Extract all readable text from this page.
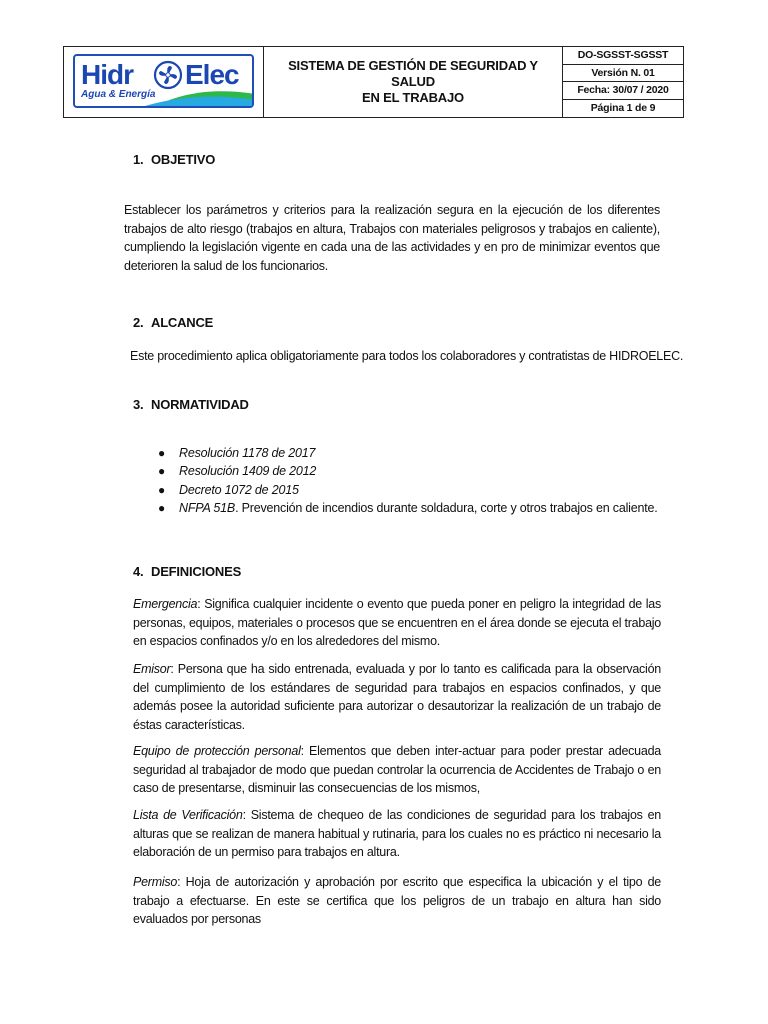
Hidr Elec
Agua & Energía
SISTEMA DE GESTIÓN DE SEGURIDAD Y SALUD
EN EL TRABAJO
DO-SGSST-SGSST
Versión N. 01
Fecha: 30/07 / 2020
Página 1 de 9
1. OBJETIVO
Establecer los parámetros y criterios para la realización segura en la ejecución de los diferentes trabajos de alto riesgo (trabajos en altura, Trabajos con materiales peligrosos y trabajos en caliente), cumpliendo la legislación vigente en cada una de las actividades y en pro de minimizar eventos que deterioren la salud de los funcionarios.
2. ALCANCE
Este procedimiento aplica obligatoriamente para todos los colaboradores y contratistas de HIDROELEC.
3. NORMATIVIDAD
● Resolución 1178 de 2017
● Resolución 1409 de 2012
● Decreto 1072 de 2015
● NFPA 51B. Prevención de incendios durante soldadura, corte y otros trabajos en caliente.
4. DEFINICIONES
Emergencia: Significa cualquier incidente o evento que pueda poner en peligro la integridad de las personas, equipos, materiales o procesos que se encuentren en el área donde se ejecuta el trabajo en espacios confinados y/o en los alrededores del mismo.
Emisor: Persona que ha sido entrenada, evaluada y por lo tanto es calificada para la observación del cumplimiento de los estándares de seguridad para trabajos en espacios confinados, y que además posee la autoridad suficiente para autorizar o desautorizar la realización de un trabajo de éstas características.
Equipo de protección personal: Elementos que deben inter-actuar para poder prestar adecuada seguridad al trabajador de modo que puedan controlar la ocurrencia de Accidentes de Trabajo o en caso de presentarse, disminuir las consecuencias de los mismos,
Lista de Verificación: Sistema de chequeo de las condiciones de seguridad para los trabajos en alturas que se realizan de manera habitual y rutinaria, para los cuales no es práctico ni necesario la elaboración de un permiso para trabajos en altura.
Permiso: Hoja de autorización y aprobación por escrito que especifica la ubicación y el tipo de trabajo a efectuarse. En este se certifica que los peligros de un trabajo en altura han sido evaluados por personas
